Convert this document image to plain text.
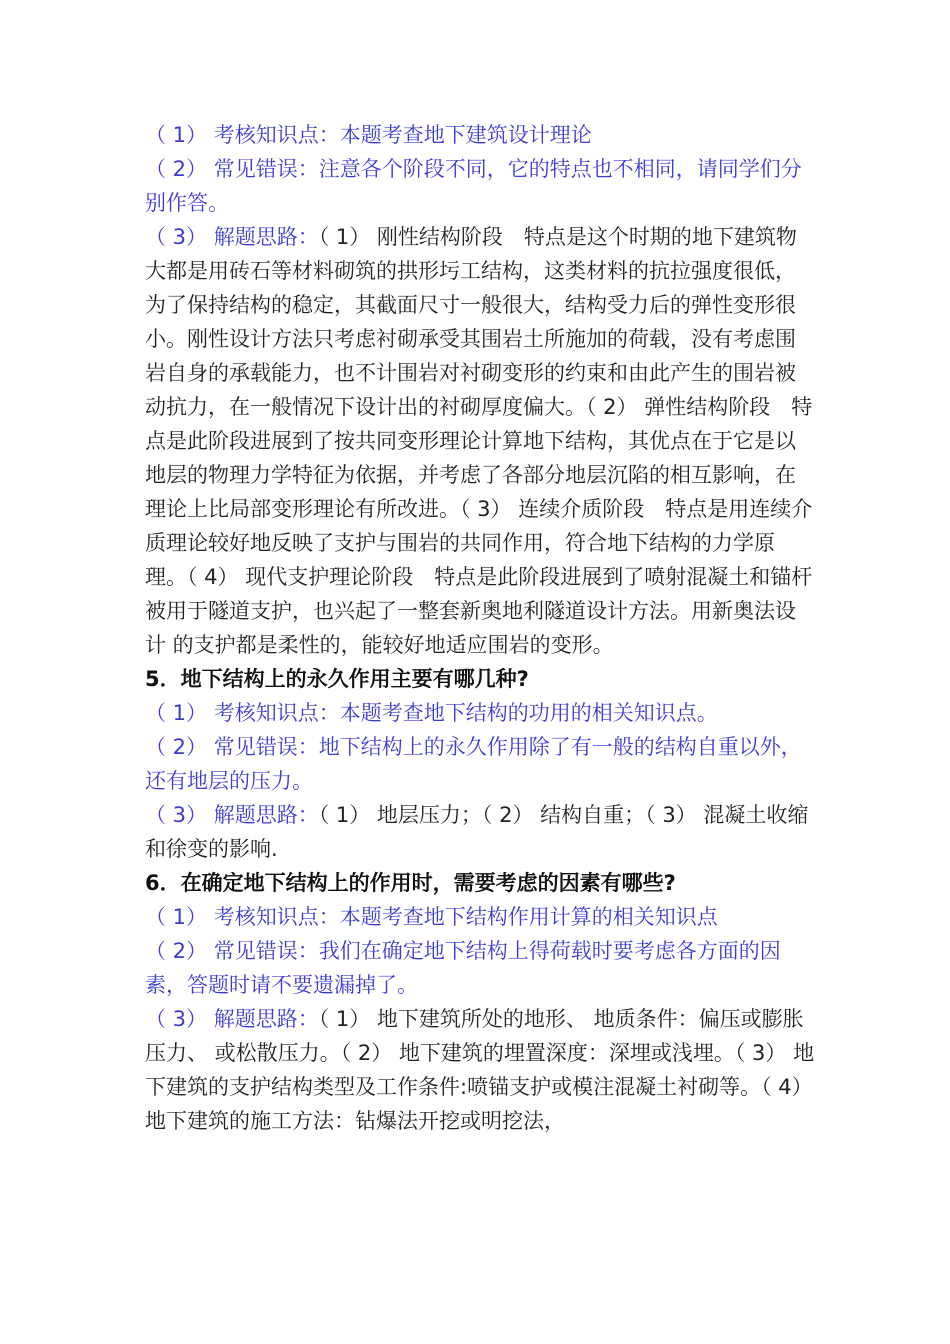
（ 1） 考核知识点：本题考查地下建筑设计理论

（ 2） 常见错误：注意各个阶段不同，它的特点也不相同，请同学们分别作答。

（ 3） 解题思路：（ 1） 刚性结构阶段　特点是这个时期的地下建筑物大都是用砖石等材料砌筑的拱形圬工结构，这类材料的抗拉强度很低，为了保持结构的稳定，其截面尺寸一般很大，结构受力后的弹性变形很小。刚性设计方法只考虑衬砌承受其围岩土所施加的荷载，没有考虑围岩自身的承载能力，也不计围岩对衬砌变形的约束和由此产生的围岩被动抗力，在一般情况下设计出的衬砌厚度偏大。（ 2） 弹性结构阶段　特点是此阶段进展到了按共同变形理论计算地下结构，其优点在于它是以地层的物理力学特征为依据，并考虑了各部分地层沉陷的相互影响，在理论上比局部变形理论有所改进。（ 3） 连续介质阶段　特点是用连续介质理论较好地反映了支护与围岩的共同作用，符合地下结构的力学原理。（ 4） 现代支护理论阶段　特点是此阶段进展到了喷射混凝土和锚杆被用于隧道支护，也兴起了一整套新奥地利隧道设计方法。用新奥法设计 的支护都是柔性的，能较好地适应围岩的变形。

5．地下结构上的永久作用主要有哪几种?

（ 1） 考核知识点：本题考查地下结构的功用的相关知识点。

（ 2） 常见错误：地下结构上的永久作用除了有一般的结构自重以外，还有地层的压力。

（ 3） 解题思路：（ 1） 地层压力；（ 2） 结构自重；（ 3） 混凝土收缩和徐变的影响.

6．在确定地下结构上的作用时，需要考虑的因素有哪些?

（ 1） 考核知识点：本题考查地下结构作用计算的相关知识点

（ 2） 常见错误：我们在确定地下结构上得荷载时要考虑各方面的因素，答题时请不要遗漏掉了。

（ 3） 解题思路：（ 1） 地下建筑所处的地形、 地质条件：偏压或膨胀压力、 或松散压力。（ 2） 地下建筑的埋置深度：深埋或浅埋。（ 3） 地下建筑的支护结构类型及工作条件:喷锚支护或模注混凝土衬砌等。（ 4） 地下建筑的施工方法：钻爆法开挖或明挖法，
